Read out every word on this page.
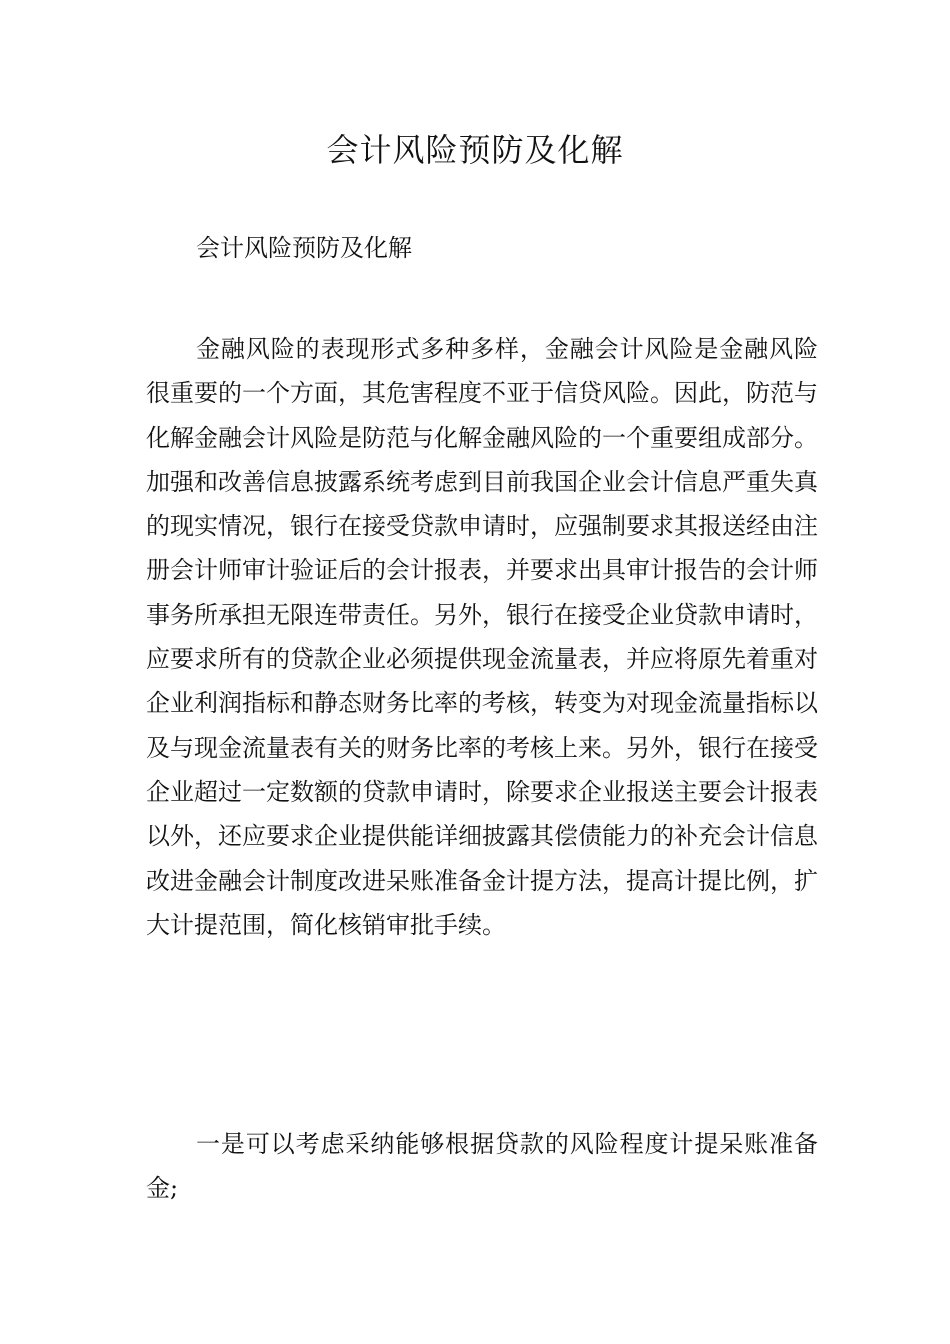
会计风险预防及化解
会计风险预防及化解
金融风险的表现形式多种多样，金融会计风险是金融风险很重要的一个方面，其危害程度不亚于信贷风险。因此，防范与化解金融会计风险是防范与化解金融风险的一个重要组成部分。加强和改善信息披露系统考虑到目前我国企业会计信息严重失真的现实情况，银行在接受贷款申请时，应强制要求其报送经由注册会计师审计验证后的会计报表，并要求出具审计报告的会计师事务所承担无限连带责任。另外，银行在接受企业贷款申请时，应要求所有的贷款企业必须提供现金流量表，并应将原先着重对企业利润指标和静态财务比率的考核，转变为对现金流量指标以及与现金流量表有关的财务比率的考核上来。另外，银行在接受企业超过一定数额的贷款申请时，除要求企业报送主要会计报表以外，还应要求企业提供能详细披露其偿债能力的补充会计信息改进金融会计制度改进呆账准备金计提方法，提高计提比例，扩大计提范围，简化核销审批手续。
一是可以考虑采纳能够根据贷款的风险程度计提呆账准备金;
